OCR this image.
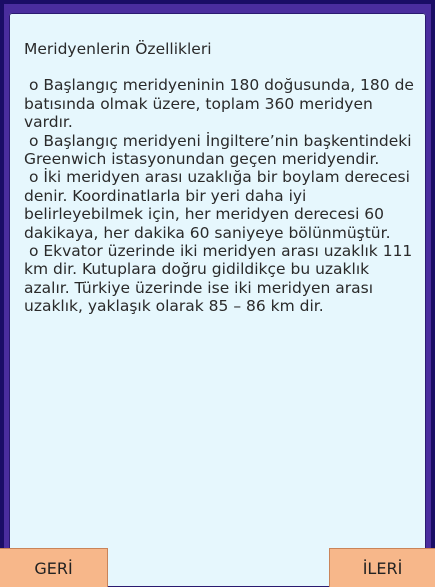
Meridyenlerin Özellikleri

o Başlangıç meridyeninin 180 doğusunda, 180 de batısında olmak üzere, toplam 360 meridyen vardır.

o Başlangıç meridyeni İngiltere’nin başkentindeki Greenwich istasyonundan geçen meridyendir.

o İki meridyen arası uzaklığa bir boylam derecesi denir. Koordinatlarla bir yeri daha iyi belirleyebilmek için, her meridyen derecesi 60 dakikaya, her dakika 60 saniyeye bölünmüştür.

o Ekvator üzerinde iki meridyen arası uzaklık 111 km dir. Kutuplara doğru gidildikçe bu uzaklık azalır. Türkiye üzerinde ise iki meridyen arası uzaklık, yaklaşık olarak 85 – 86 km dir.

GERİ	İLERİ
